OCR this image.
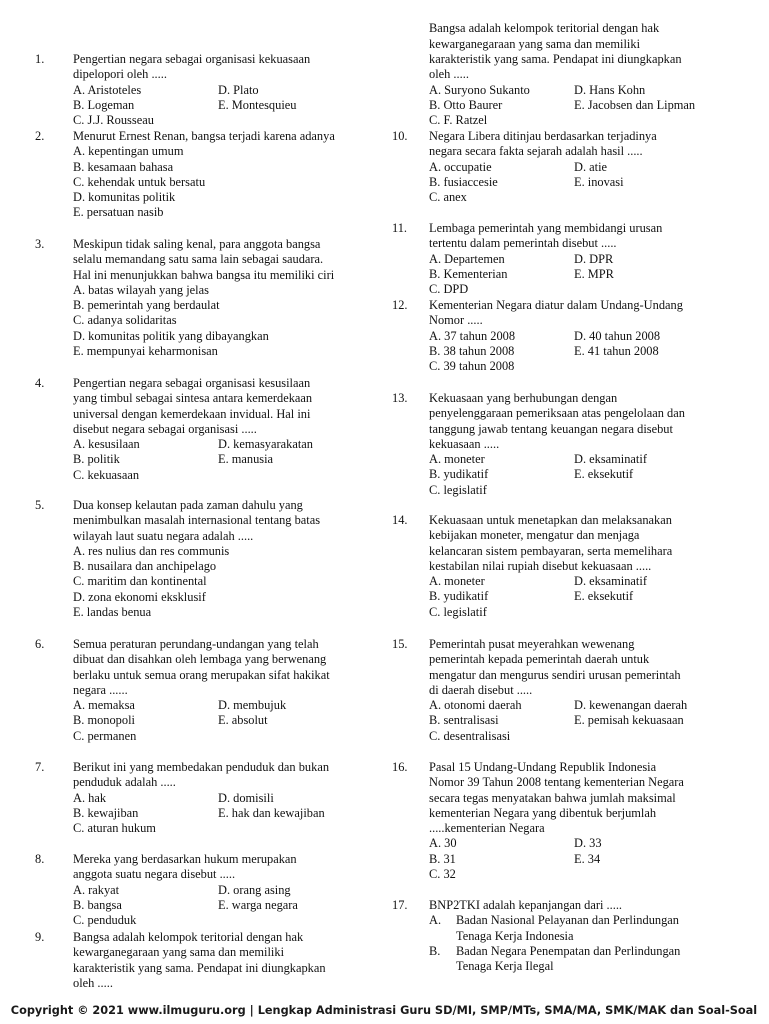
1. Pengertian negara sebagai organisasi kekuasaan
dipelopori oleh .....
A. Aristoteles	D. Plato
B. Logeman	E. Montesquieu
C. J.J. Rousseau
2. Menurut Ernest Renan, bangsa terjadi karena adanya
A. kepentingan umum
B. kesamaan bahasa
C. kehendak untuk bersatu
D. komunitas politik
E. persatuan nasib
3. Meskipun tidak saling kenal, para anggota bangsa
selalu memandang satu sama lain sebagai saudara.
Hal ini menunjukkan bahwa bangsa itu memiliki ciri
A. batas wilayah yang jelas
B. pemerintah yang berdaulat
C. adanya solidaritas
D. komunitas politik yang dibayangkan
E. mempunyai keharmonisan
4. Pengertian negara sebagai organisasi kesusilaan
yang timbul sebagai sintesa antara kemerdekaan
universal dengan kemerdekaan invidual. Hal ini
disebut negara sebagai organisasi .....
A. kesusilaan	D. kemasyarakatan
B. politik	E. manusia
C. kekuasaan
5. Dua konsep kelautan pada zaman dahulu yang
menimbulkan masalah internasional tentang batas
wilayah laut suatu negara adalah .....
A. res nulius dan res communis
B. nusailara dan anchipelago
C. maritim dan kontinental
D. zona ekonomi eksklusif
E. landas benua
6. Semua peraturan perundang-undangan yang telah
dibuat dan disahkan oleh lembaga yang berwenang
berlaku untuk semua orang merupakan sifat hakikat
negara ......
A. memaksa	D. membujuk
B. monopoli	E. absolut
C. permanen
7. Berikut ini yang membedakan penduduk dan bukan
penduduk adalah .....
A. hak	D. domisili
B. kewajiban	E. hak dan kewajiban
C. aturan hukum
8. Mereka yang berdasarkan hukum merupakan
anggota suatu negara disebut .....
A. rakyat	D. orang asing
B. bangsa	E. warga negara
C. penduduk
9. Bangsa adalah kelompok teritorial dengan hak
kewarganegaraan yang sama dan memiliki
karakteristik yang sama. Pendapat ini diungkapkan
oleh .....

Bangsa adalah kelompok teritorial dengan hak
kewarganegaraan yang sama dan memiliki
karakteristik yang sama. Pendapat ini diungkapkan
oleh .....

A. Suryono Sukanto	D. Hans Kohn
B. Otto Baurer	E. Jacobsen dan Lipman
C. F. Ratzel
10. Negara Libera ditinjau berdasarkan terjadinya
negara secara fakta sejarah adalah hasil .....
A. occupatie	D. atie
B. fusiaccesie	E. inovasi
C. anex
11. Lembaga pemerintah yang membidangi urusan
tertentu dalam pemerintah disebut .....
A. Departemen	D. DPR
B. Kementerian	E. MPR
C. DPD
12. Kementerian Negara diatur dalam Undang-Undang
Nomor .....
A. 37 tahun 2008	D. 40 tahun 2008
B. 38 tahun 2008	E. 41 tahun 2008
C. 39 tahun 2008
13. Kekuasaan yang berhubungan dengan
penyelenggaraan pemeriksaan atas pengelolaan dan
tanggung jawab tentang keuangan negara disebut
kekuasaan .....
A. moneter	D. eksaminatif
B. yudikatif	E. eksekutif
C. legislatif
14. Kekuasaan untuk menetapkan dan melaksanakan
kebijakan moneter, mengatur dan menjaga
kelancaran sistem pembayaran, serta memelihara
kestabilan nilai rupiah disebut kekuasaan .....
A. moneter	D. eksaminatif
B. yudikatif	E. eksekutif
C. legislatif
15. Pemerintah pusat meyerahkan wewenang
pemerintah kepada pemerintah daerah untuk
mengatur dan mengurus sendiri urusan pemerintah
di daerah disebut .....
A. otonomi daerah	D. kewenangan daerah
B. sentralisasi	E. pemisah kekuasaan
C. desentralisasi
16. Pasal 15 Undang-Undang Republik Indonesia
Nomor 39 Tahun 2008 tentang kementerian Negara
secara tegas menyatakan bahwa jumlah maksimal
kementerian Negara yang dibentuk berjumlah
.....kementerian Negara
A. 30	D. 33
B. 31	E. 34
C. 32
17. BNP2TKI adalah kepanjangan dari .....
A. Badan Nasional Pelayanan dan Perlindungan
Tenaga Kerja Indonesia
B. Badan Negara Penempatan dan Perlindungan
Tenaga Kerja Ilegal
Copyright © 2021 www.ilmuguru.org | Lengkap Administrasi Guru SD/MI, SMP/MTs, SMA/MA, SMK/MAK dan Soal-Soal
